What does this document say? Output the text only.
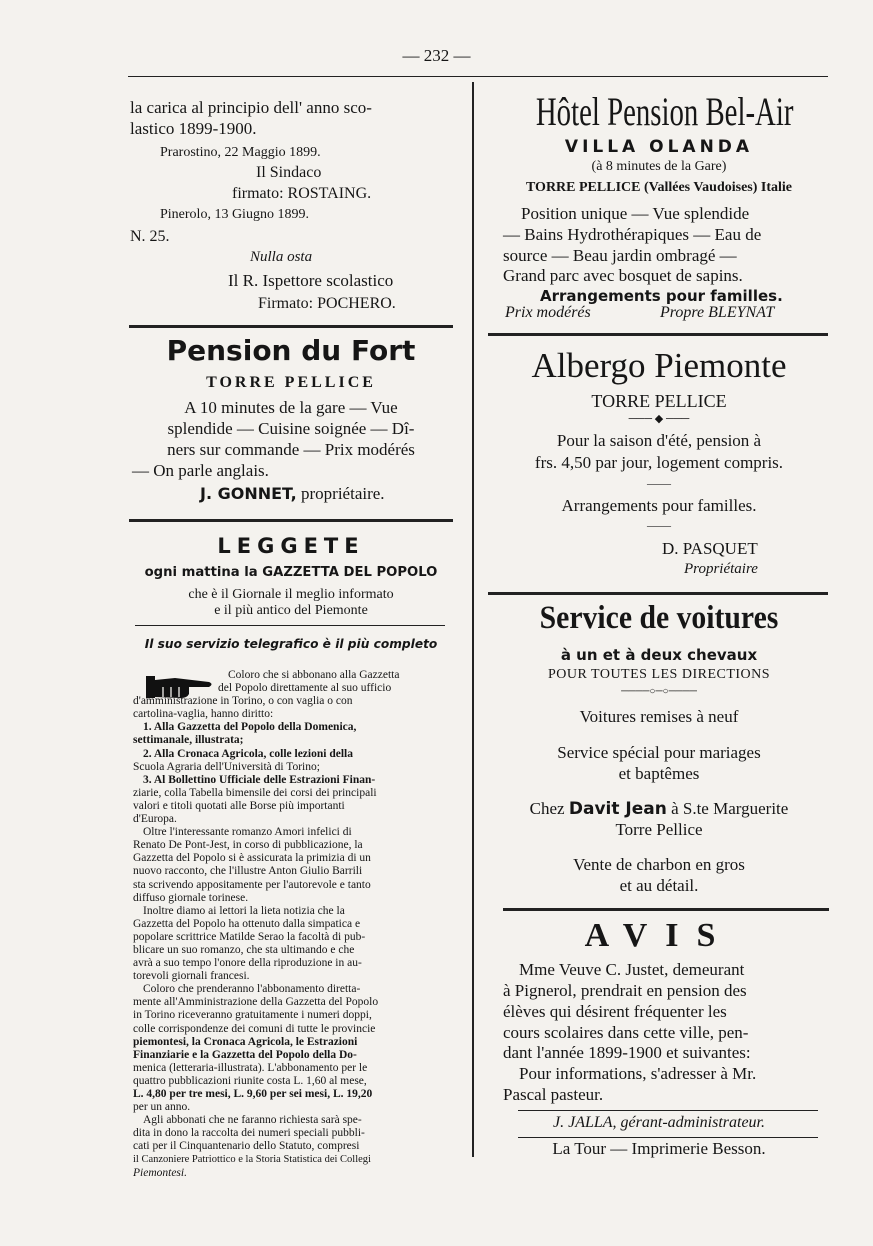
— 232 —
la carica al principio dell' anno sco-
lastico 1899-1900.
Prarostino, 22 Maggio 1899.
Il Sindaco
firmato: ROSTAING.
Pinerolo, 13 Giugno 1899.
N. 25.
Nulla osta
Il R. Ispettore scolastico
Firmato: POCHERO.
Pension du Fort
TORRE PELLICE
A 10 minutes de la gare — Vue
splendide — Cuisine soignée — Dî-
ners sur commande — Prix modérés
— On parle anglais.
J. GONNET, propriétaire.
LEGGETE
ogni mattina la GAZZETTA DEL POPOLO
che è il Giornale il meglio informato
e il più antico del Piemonte
Il suo servizio telegrafico è il più completo

Coloro che si abbonano alla Gazzetta

del Popolo direttamente al suo ufficio

d'amministrazione in Torino, o con vaglia o con

cartolina-vaglia, hanno diritto:

1. Alla Gazzetta del Popolo della Domenica,

settimanale, illustrata;

2. Alla Cronaca Agricola, colle lezioni della

Scuola Agraria dell'Università di Torino;

3. Al Bollettino Ufficiale delle Estrazioni Finan-

ziarie, colla Tabella bimensile dei corsi dei principali

valori e titoli quotati alle Borse più importanti

d'Europa.

Oltre l'interessante romanzo Amori infelici di

Renato De Pont-Jest, in corso di pubblicazione, la

Gazzetta del Popolo si è assicurata la primizia di un

nuovo racconto, che l'illustre Anton Giulio Barrili

sta scrivendo appositamente per l'autorevole e tanto

diffuso giornale torinese.

Inoltre diamo ai lettori la lieta notizia che la

Gazzetta del Popolo ha ottenuto dalla simpatica e

popolare scrittrice Matilde Serao la facoltà di pub-

blicare un suo romanzo, che sta ultimando e che

avrà a suo tempo l'onore della riproduzione in au-

torevoli giornali francesi.

Coloro che prenderanno l'abbonamento diretta-

mente all'Amministrazione della Gazzetta del Popolo

in Torino riceveranno gratuitamente i numeri doppi,

colle corrispondenze dei comuni di tutte le provincie

piemontesi, la Cronaca Agricola, le Estrazioni

Finanziarie e la Gazzetta del Popolo della Do-

menica (letteraria-illustrata). L'abbonamento per le

quattro pubblicazioni riunite costa L. 1,60 al mese,

L. 4,80 per tre mesi, L. 9,60 per sei mesi, L. 19,20

per un anno.

Agli abbonati che ne faranno richiesta sarà spe-

dita in dono la raccolta dei numeri speciali pubbli-

cati per il Cinquantenario dello Statuto, compresi

il Canzoniere Patriottico e la Storia Statistica dei Collegi

Piemontesi.

Hôtel Pension Bel-Air
VILLA OLANDA
(à 8 minutes de la Gare)
TORRE PELLICE (Vallées Vaudoises) Italie
Position unique — Vue splendide
— Bains Hydrothérapiques — Eau de
source — Beau jardin ombragé —
Grand parc avec bosquet de sapins.
Arrangements pour familles.
Prix modérés	Propre BLEYNAT
Albergo Piemonte
TORRE PELLICE
─── ◆ ───
Pour la saison d'été, pension à
frs. 4,50 par jour, logement compris.
——
Arrangements pour familles.
——
D. PASQUET
Propriétaire
Service de voitures
à un et à deux chevaux
POUR TOUTES LES DIRECTIONS
────○─○────
Voitures remises à neuf
Service spécial pour mariages
et baptêmes
Chez Davit Jean à S.te Marguerite
Torre Pellice
Vente de charbon en gros
et au détail.
AVIS
Mme Veuve C. Justet, demeurant
à Pignerol, prendrait en pension des
élèves qui désirent fréquenter les
cours scolaires dans cette ville, pen-
dant l'année 1899-1900 et suivantes:
Pour informations, s'adresser à Mr.
Pascal pasteur.
J. JALLA, gérant-administrateur.
La Tour — Imprimerie Besson.
